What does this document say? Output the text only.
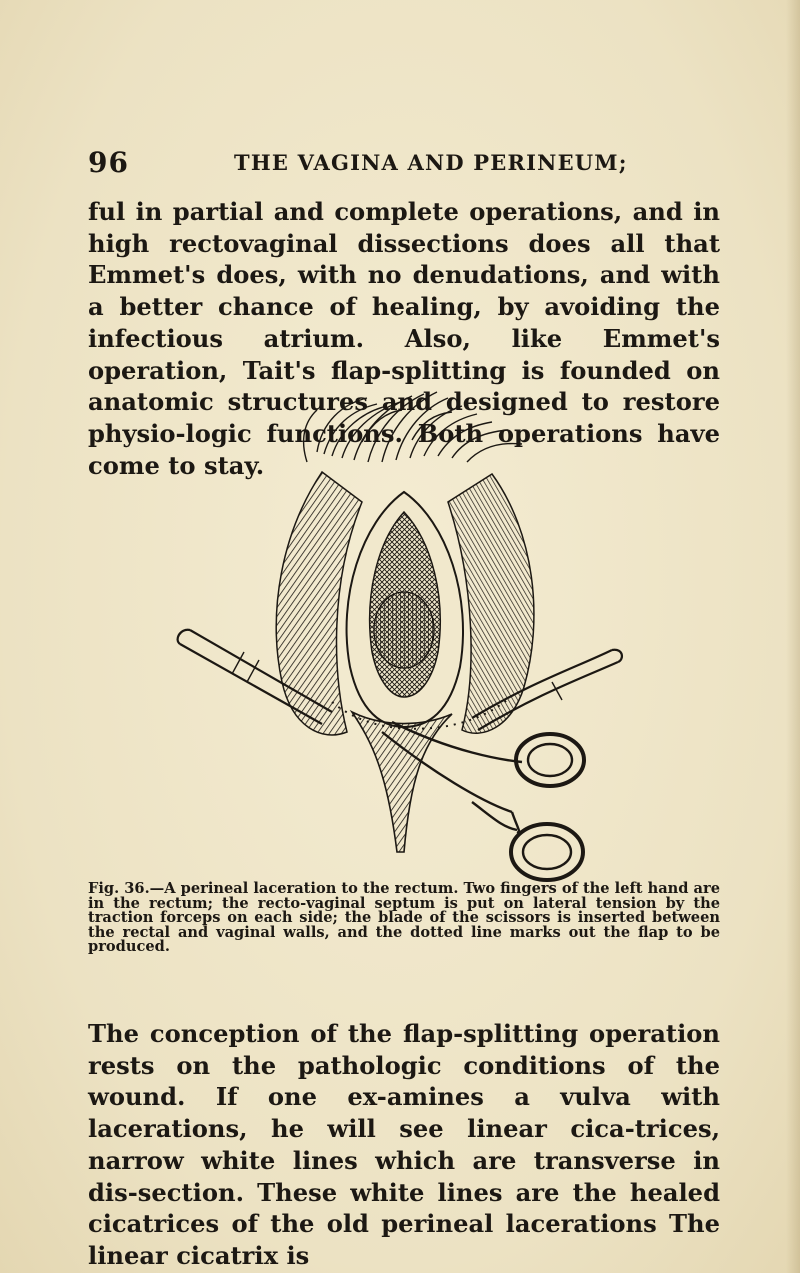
96	THE VAGINA AND PERINEUM;

ful in partial and complete operations, and in high rectovaginal dissections does all that Emmet's does, with no denudations, and with a better chance of healing, by avoiding the infectious atrium. Also, like Emmet's operation, Tait's flap-splitting is founded on anatomic structures and designed to restore physio-logic functions. Both operations have come to stay.

Fig. 36.—A perineal laceration to the rectum. Two fingers of the left hand are in the rectum; the recto-vaginal septum is put on lateral tension by the traction forceps on each side; the blade of the scissors is inserted between the rectal and vaginal walls, and the dotted line marks out the flap to be produced.

The conception of the flap-splitting operation rests on the pathologic conditions of the wound. If one ex-amines a vulva with lacerations, he will see linear cica-trices, narrow white lines which are transverse in dis-section. These white lines are the healed cicatrices of the old perineal lacerations The linear cicatrix is
